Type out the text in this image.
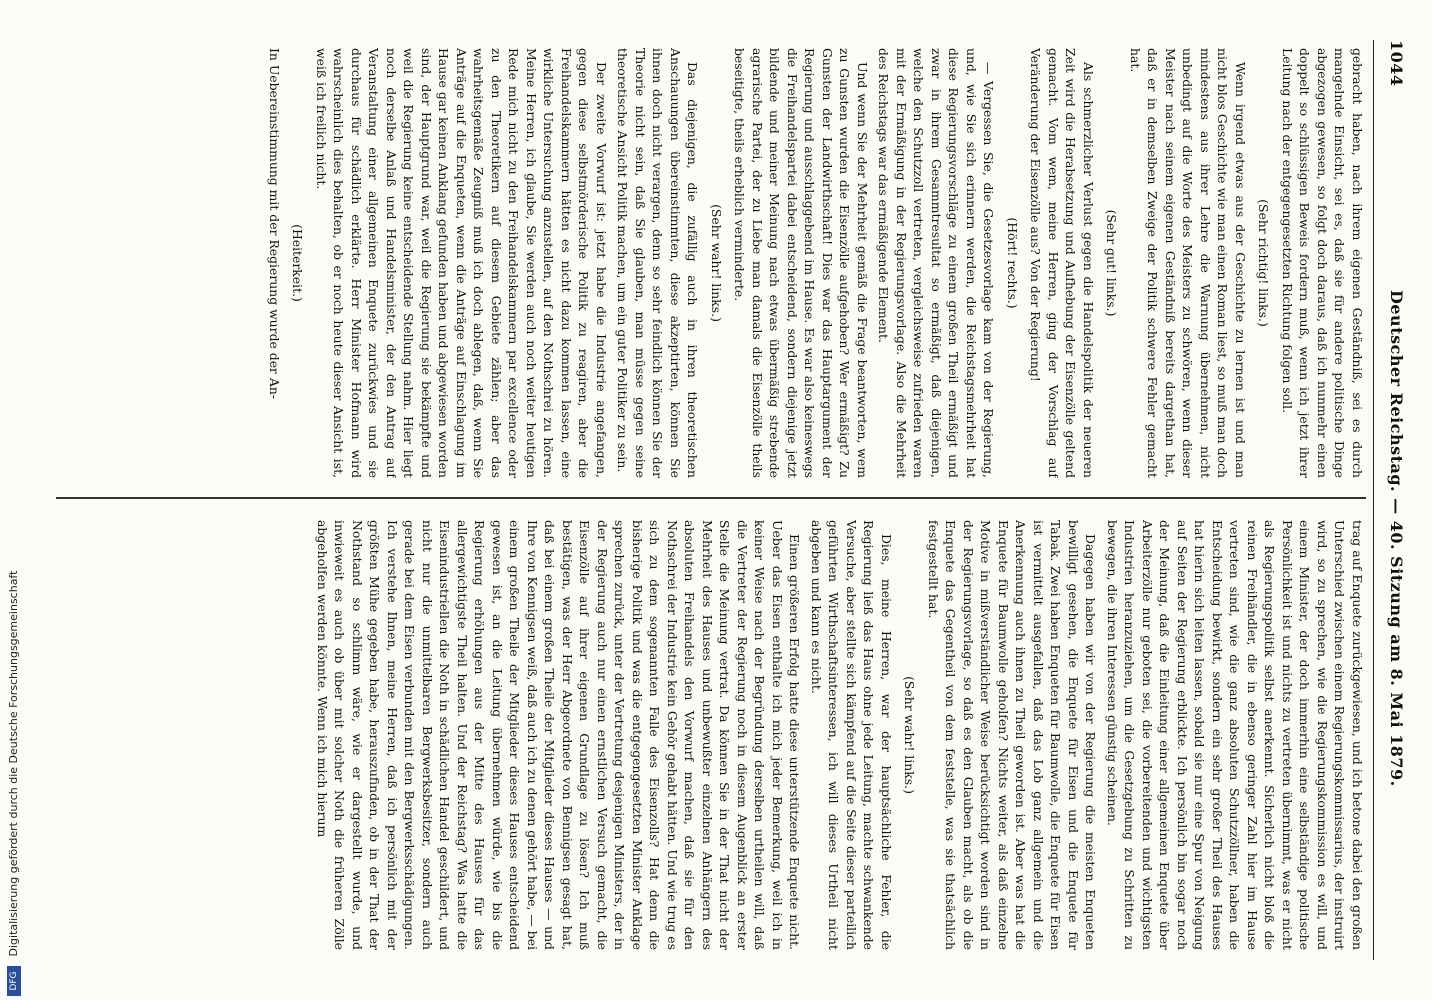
1044
Deutscher Reichstag. — 40. Sitzung am 8. Mai 1879.

gebracht haben, nach ihrem eigenen Geständniß, sei es durch mangelnde Einsicht, sei es, daß sie für andere politische Dinge abgezogen gewesen, so folgt doch daraus, daß ich nunmehr einen doppelt so schlüssigen Beweis fordern muß, wenn ich jetzt ihrer Leitung nach der entgegengesetzten Richtung folgen soll.

(Sehr richtig! links.)

Wenn irgend etwas aus der Geschichte zu lernen ist und man nicht blos Geschichte wie man einen Roman liest, so muß man doch mindestens aus ihrer Lehre die Warnung übernehmen, nicht unbedingt auf die Worte des Meisters zu schwören, wenn dieser Meister nach seinem eigenen Geständniß bereits dargethan hat, daß er in demselben Zweige der Politik schwere Fehler gemacht hat.

(Sehr gut! links.)

Als schmerzlicher Verlust gegen die Handelspolitik der neueren Zeit wird die Herabsetzung und Aufhebung der Eisenzölle geltend gemacht. Vom wem, meine Herren, ging der Vorschlag auf Veränderung der Eisenzölle aus? Von der Regierung!

(Hört! rechts.)

— Vergessen Sie, die Gesetzesvorlage kam von der Regierung, und, wie Sie sich erinnern werden, die Reichstagsmehrheit hat diese Regierungsvorschläge zu einem großen Theil ermäßigt und zwar in ihrem Gesammtresultat so ermäßigt, daß diejenigen, welche den Schutzzoll vertreten, vergleichsweise zufrieden waren mit der Ermäßigung in der Regierungsvorlage. Also die Mehrheit des Reichstags war das ermäßigende Element.

Und wenn Sie der Mehrheit gemäß die Frage beantworten, wem zu Gunsten wurden die Eisenzölle aufgehoben? Wer ermäßigt? Zu Gunsten der Landwirthschaft! Dies war das Hauptargument der Regierung und ausschlaggebend im Hause. Es war also keineswegs die Freihandelspartei dabei entscheidend, sondern diejenige jetzt bildende und meiner Meinung nach etwas übermäßig strebende agrarische Partei, der zu Liebe man damals die Eisenzölle theils beseitigte, theils erheblich verminderte.

(Sehr wahr! links.)

Das diejenigen, die zufällig auch in ihren theoretischen Anschauungen übereinstimmten, diese akzeptirten, können Sie ihnen doch nicht verargen, denn so sehr feindlich können Sie der Theorie nicht sein, daß Sie glauben, man müsse gegen seine theoretische Ansicht Politik machen, um ein guter Politiker zu sein.

Der zweite Vorwurf ist: jetzt habe die Industrie angefangen, gegen diese selbstmörderische Politik zu reagiren, aber die Freihandelskammern hätten es nicht dazu kommen lassen, eine wirkliche Untersuchung anzustellen, auf den Nothschrei zu hören. Meine Herren, ich glaube, Sie werden auch noch weiter heutigen Rede mich nicht zu den Freihandelskammern par excellence oder zu den Theoretikern auf diesem Gebiete zählen; aber das wahrheitsgemäße Zeugniß muß ich doch ablegen, daß, wenn Sie Anträge auf die Enqueten, wenn die Anträge auf Einschlagung im Hause gar keinen Anklang gefunden haben und abgewiesen worden sind, der Hauptgrund war, weil die Regierung sie bekämpfte und weil die Regierung keine entscheidende Stellung nahm. Hier liegt noch derselbe Anlaß und Handelsminister, der den Antrag auf Veranstaltung einer allgemeinen Enquete zurückwies und sie durchaus für schädlich erklärte. Herr Minister Hofmann wird wahrscheinlich dies behalten, ob er noch heute dieser Ansicht ist, weiß ich freilich nicht.

(Heiterkeit.)

In Uebereinstimmung mit der Regierung wurde der An-

trag auf Enquete zurückgewiesen, und ich betone dabei den großen Unterschied zwischen einem Regierungskommissarius, der instruirt wird, so zu sprechen, wie die Regierungskommission es will, und einem Minister, der doch immerhin eine selbständige politische Persönlichkeit ist und nichts zu vertreten übernimmt, was er nicht als Regierungspolitik selbst anerkennt. Sicherlich nicht bloß die reinen Freihändler, die in ebenso geringer Zahl hier im Hause vertreten sind, wie die ganz absoluten Schutzzöllner, haben die Entscheidung bewirkt, sondern ein sehr großer Theil des Hauses hat hierin sich leiten lassen, sobald sie nur eine Spur von Neigung auf Seiten der Regierung erblickte. Ich persönlich bin sogar noch der Meinung, daß die Einleitung einer allgemeinen Enquete über Arbeiterzölle nur geboten sei, die vorbereitenden und wichtigsten Industrien heranzuziehen, um die Gesetzgebung zu Schritten zu bewegen, die ihren Interessen günstig scheinen.

Dagegen haben wir von der Regierung die meisten Enqueten bewilligt gesehen, die Enquete für Eisen und die Enquete für Tabak. Zwei haben Enqueten für Baumwolle, die Enquete für Eisen ist vermittelt ausgefallen, daß das Lob ganz allgemein und die Anerkennung auch ihnen zu Theil geworden ist. Aber was hat die Enquete für Baumwolle geholfen? Nichts weiter, als daß einzelne Motive in mißverständlicher Weise berücksichtigt worden sind in der Regierungsvorlage, so daß es den Glauben macht, als ob die Enquete das Gegentheil von dem feststelle, was sie thatsächlich festgestellt hat.

(Sehr wahr! links.)

Dies, meine Herren, war der hauptsächliche Fehler, die Regierung ließ das Haus ohne jede Leitung, machte schwankende Versuche, aber stellte sich kämpfend auf die Seite dieser parteilich geführten Wirthschaftsinteressen, ich will dieses Urtheil nicht abgeben und kann es nicht.

Einen größeren Erfolg hatte diese unterstützende Enquete nicht. Ueber das Eisen enthalte ich mich jeder Bemerkung, weil ich in keiner Weise nach der Begründung derselben urtheilen will, daß die Vertreter der Regierung noch in diesem Augenblick an erster Stelle die Meinung vertrat. Da können Sie in der That nicht der Mehrheit des Hauses und unbewußter einzelnen Anhängern des absoluten Freihandels den Vorwurf machen, daß sie für den Nothschrei der Industrie kein Gehör gehabt hätten. Und wie trug es sich zu dem sogenannten Falle des Eisenzolls? Hat denn die bisherige Politik und was die entgegengesetzten Minister Anklage sprechen zurück, unter der Vertretung desjenigen Ministers, der in der Regierung auch nur einen ernstlichen Versuch gemacht, die Eisenzölle auf ihrer eigenen Grundlage zu lösen? Ich muß bestätigen, was der Herr Abgeordnete von Bennigsen gesagt hat, daß bei einem großen Theile der Mitglieder dieses Hauses — und Ihre von Kennigsen weiß, daß auch ich zu denen gehört habe, — bei einem großen Theile der Mitglieder dieses Hauses entscheidend gewesen ist, an die Leitung übernehmen würde, wie bis die Regierung erhöhungen aus der Mitte des Hauses für das allergewichtigste Theil halten. Und der Reichstag? Was hatte die Eisenindustriellen die Noth in schädlichen Handel geschildert, und nicht nur die unmittelbaren Bergwerksbesitzer, sondern auch gerade bei dem Eisen verbunden mit den Bergwerksschädigungen. Ich verstehe Ihnen, meine Herren, daß ich persönlich mit der größten Mühe gegeben habe, herauszufinden, ob in der That der Nothstand so schlimm wäre, wie er dargestellt wurde, und inwieweit es auch ob über mit solcher Noth die früheren Zölle abgeholfen werden könnte. Wenn ich mich hierum

DFG Digitalisierung gefördert durch die Deutsche Forschungsgemeinschaft
